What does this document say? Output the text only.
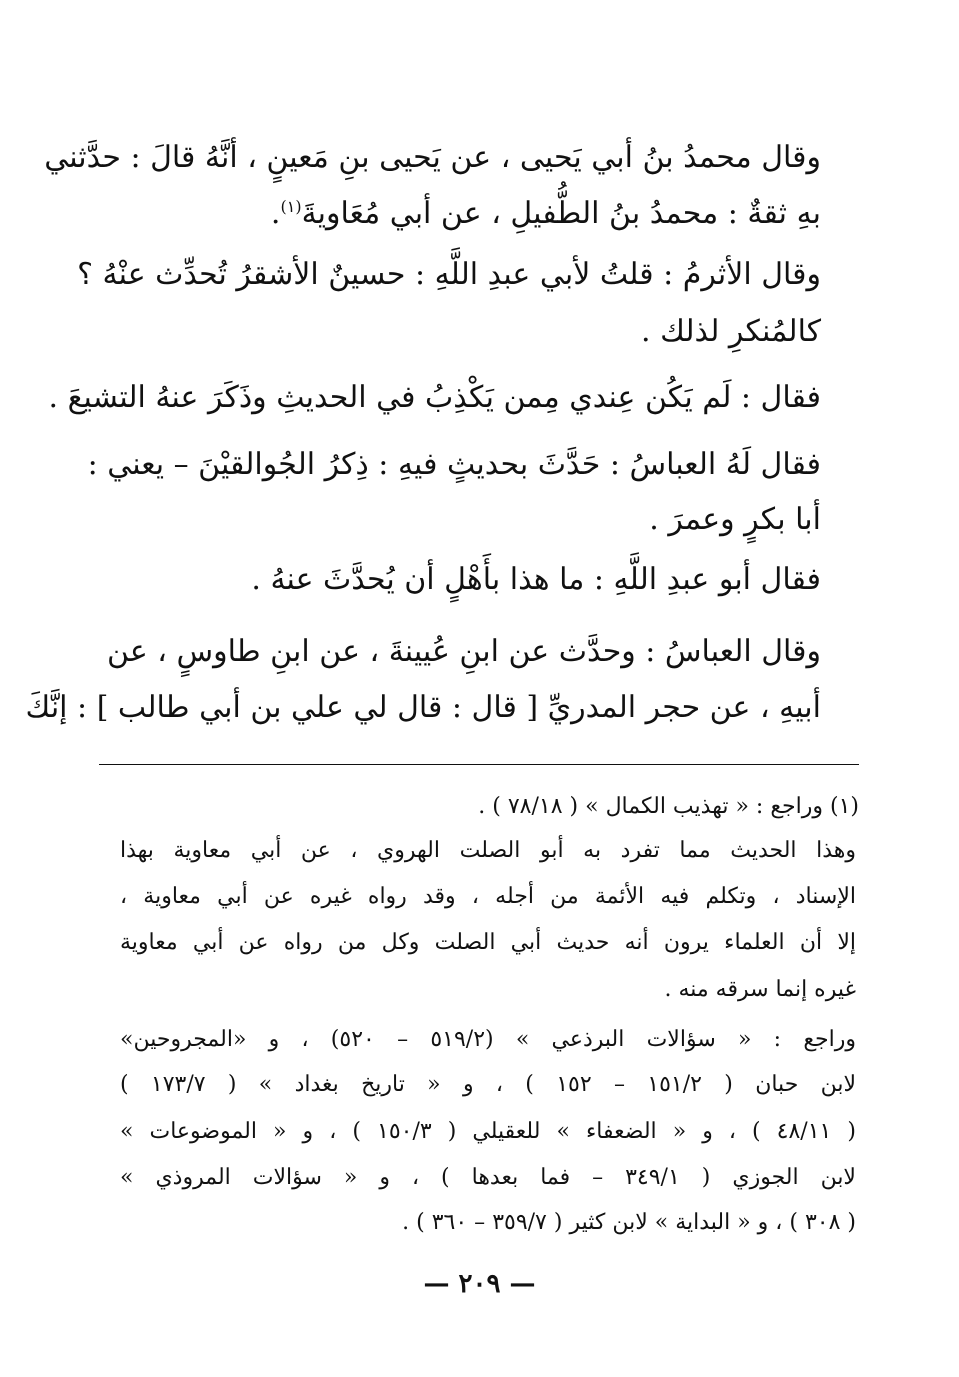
وقال محمدُ بنُ أبي يَحيى ، عن يَحيى بنِ مَعينٍ ، أنَّهُ قالَ : حدَّثني
بهِ ثقةٌ : محمدُ بنُ الطُّفيلِ ، عن أبي مُعَاويةَ$^{(١)}$.
وقال الأثرمُ : قلتُ لأبي عبدِ اللَّهِ : حسينٌ الأشقرُ تُحدِّث عنْهُ ؟
كالمُنكرِ لذلك .
فقال : لَم يَكُن عِندي مِمن يَكْذِبُ في الحديثِ وذَكَرَ عنهُ التشيعَ .
فقال لَهُ العباسُ : حَدَّثَ بحديثٍ فيهِ : ذِكرُ الجُوالقيْنَ – يعني :
أبا بكرٍ وعمرَ .
فقال أبو عبدِ اللَّهِ : ما هذا بأَهْلٍ أن يُحدَّثَ عنهُ .
وقال العباسُ : وحدَّث عن ابنِ عُيينةَ ، عن ابنِ طاوسٍ ، عن
أبيهِ ، عن حجر المدريِّ [ قال : قال لي علي بن أبي طالب ] : إنَّكَ
(١) وراجع : « تهذيب الكمال » ( ٧٨/١٨ ) .
وهذا الحديث مما تفرد به أبو الصلت الهروي ، عن أبي معاوية بهذا
الإسناد ، وتكلم فيه الأئمة من أجله ، وقد رواه غيره عن أبي معاوية ،
إلا أن العلماء يرون أنه حديث أبي الصلت وكل من رواه عن أبي معاوية
غيره إنما سرقه منه .
وراجع : « سؤالات البرذعي » (٥١٩/٢ – ٥٢٠) ، و «المجروحين»
لابن حبان ( ١٥١/٢ – ١٥٢ ) ، و « تاريخ بغداد » ( ١٧٣/٧ )
( ٤٨/١١ ) ، و « الضعفاء » للعقيلي ( ١٥٠/٣ ) ، و « الموضوعات »
لابن الجوزي ( ٣٤٩/١ – فما بعدها ) ، و « سؤالات المروذي »
( ٣٠٨ ) ، و « البداية » لابن كثير ( ٣٥٩/٧ – ٣٦٠ ) .
— ٢٠٩ —
